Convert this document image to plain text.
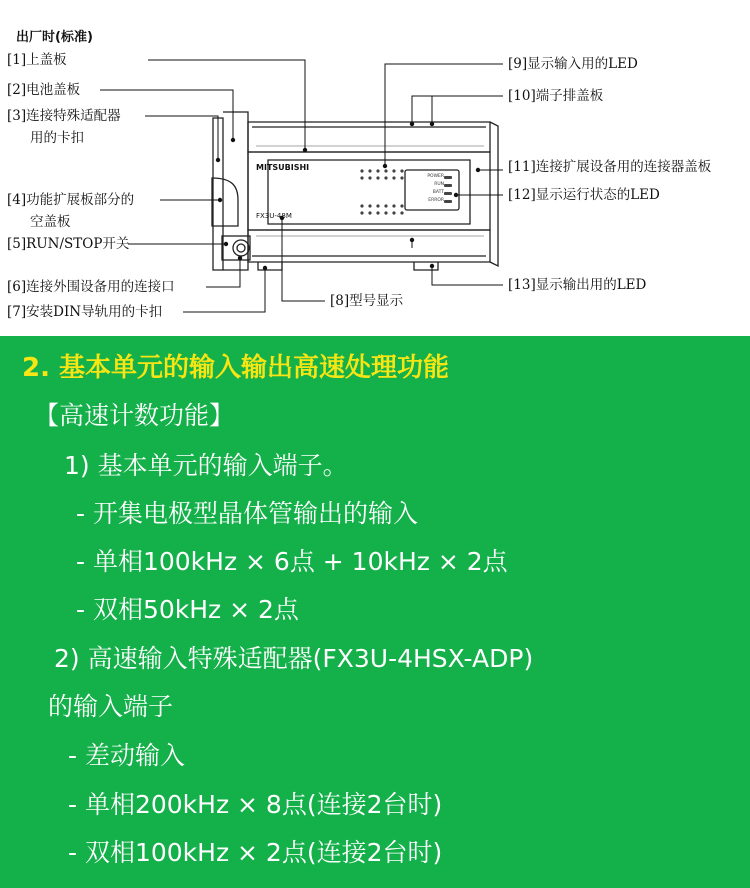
MITSUBISHI
FX3U-48M
POWER
RUN
BATT
ERROR
出厂时(标准)
[1]上盖板
[2]电池盖板
[3]连接特殊适配器
用的卡扣
[4]功能扩展板部分的
空盖板
[5]RUN/STOP开关
[6]连接外围设备用的连接口
[7]安装DIN导轨用的卡扣
[8]型号显示
[9]显示输入用的LED
[10]端子排盖板
[11]连接扩展设备用的连接器盖板
[12]显示运行状态的LED
[13]显示输出用的LED
2. 基本单元的输入输出高速处理功能
【高速计数功能】
1) 基本单元的输入端子。
- 开集电极型晶体管输出的输入
- 单相100kHz × 6点 + 10kHz × 2点
- 双相50kHz × 2点
2) 高速输入特殊适配器(FX3U-4HSX-ADP)
的输入端子
- 差动输入
- 单相200kHz × 8点(连接2台时)
- 双相100kHz × 2点(连接2台时)
